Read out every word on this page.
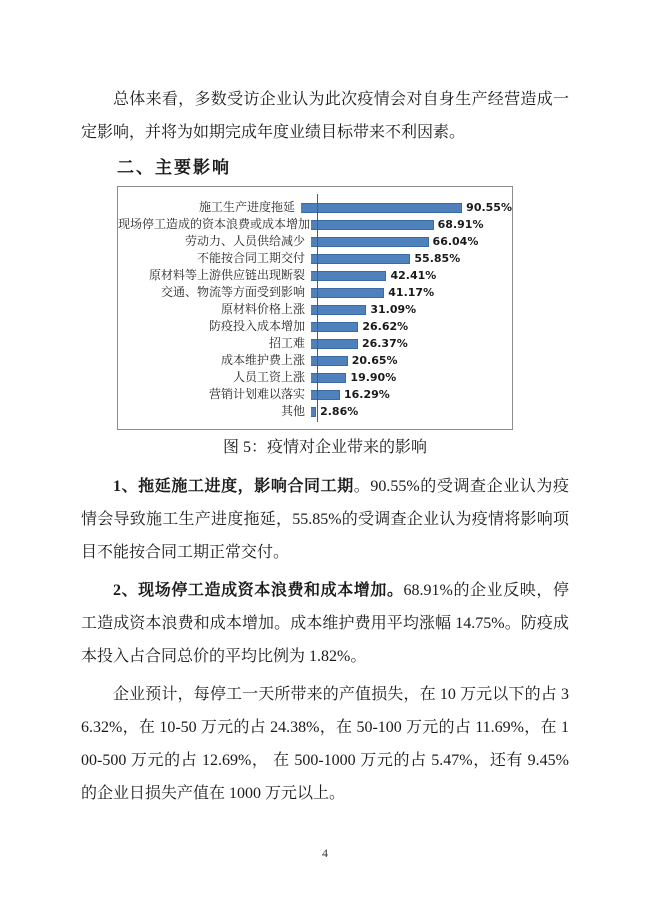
总体来看，多数受访企业认为此次疫情会对自身生产经营造成一定影响，并将为如期完成年度业绩目标带来不利因素。

二、主要影响
施工生产进度拖延	90.55%
现场停工造成的资本浪费或成本增加	68.91%
劳动力、人员供给减少	66.04%
不能按合同工期交付	55.85%
原材料等上游供应链出现断裂	42.41%
交通、物流等方面受到影响	41.17%
原材料价格上涨	31.09%
防疫投入成本增加	26.62%
招工难	26.37%
成本维护费上涨	20.65%
人员工资上涨	19.90%
营销计划难以落实	16.29%
其他	2.86%
图 5：疫情对企业带来的影响

1、拖延施工进度，影响合同工期。90.55%的受调查企业认为疫情会导致施工生产进度拖延，55.85%的受调查企业认为疫情将影响项目不能按合同工期正常交付。

2、现场停工造成资本浪费和成本增加。68.91%的企业反映，停工造成资本浪费和成本增加。成本维护费用平均涨幅 14.75%。防疫成本投入占合同总价的平均比例为 1.82%。

企业预计，每停工一天所带来的产值损失，在 10 万元以下的占 36.32%，在 10-50 万元的占 24.38%，在 50-100 万元的占 11.69%，在 100-500 万元的占 12.69%， 在 500-1000 万元的占 5.47%，还有 9.45%的企业日损失产值在 1000 万元以上。

4
